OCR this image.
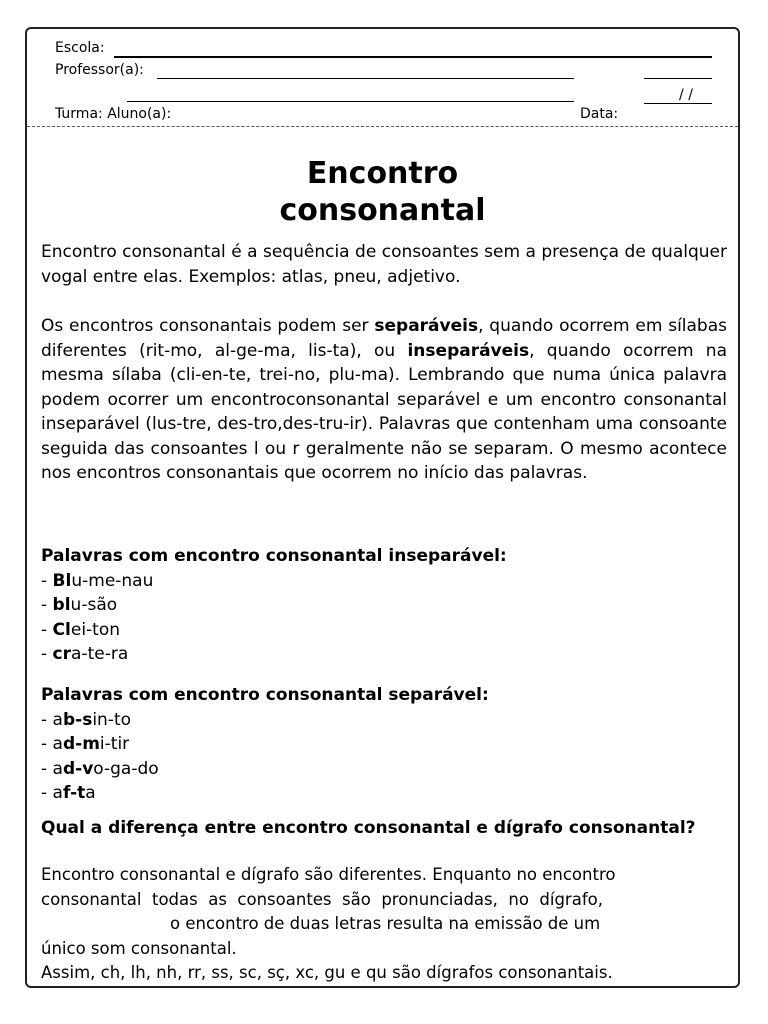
Escola:
Professor(a):
/ /
Turma: Aluno(a):	Data:
Encontro
consonantal

Encontro consonantal é a sequência de consoantes sem a presença de qualquer vogal entre elas. Exemplos: atlas, pneu, adjetivo.

Os encontros consonantais podem ser separáveis, quando ocorrem em sílabas diferentes (rit-mo, al-ge-ma, lis-ta), ou inseparáveis, quando ocorrem na mesma sílaba (cli-en-te, trei-no, plu-ma). Lembrando que numa única palavra podem ocorrer um encontroconsonantal separável e um encontro consonantal inseparável (lus-tre, des-tro,des-tru-ir). Palavras que contenham uma consoante seguida das consoantes l ou r geralmente não se separam. O mesmo acontece nos encontros consonantais que ocorrem no início das palavras.

Palavras com encontro consonantal inseparável:

- Blu-me-nau
- blu-são
- Clei-ton
- cra-te-ra

Palavras com encontro consonantal separável:

- ab-sin-to
- ad-mi-tir
- ad-vo-ga-do
- af-ta

Qual a diferença entre encontro consonantal e dígrafo consonantal?

Encontro consonantal e dígrafo são diferentes. Enquanto no encontro
consonantal  todas  as  consoantes  são  pronunciadas,  no  dígrafo,
o encontro de duas letras resulta na emissão de um
único som consonantal.
Assim, ch, lh, nh, rr, ss, sc, sç, xc, gu e qu são dígrafos consonantais.
